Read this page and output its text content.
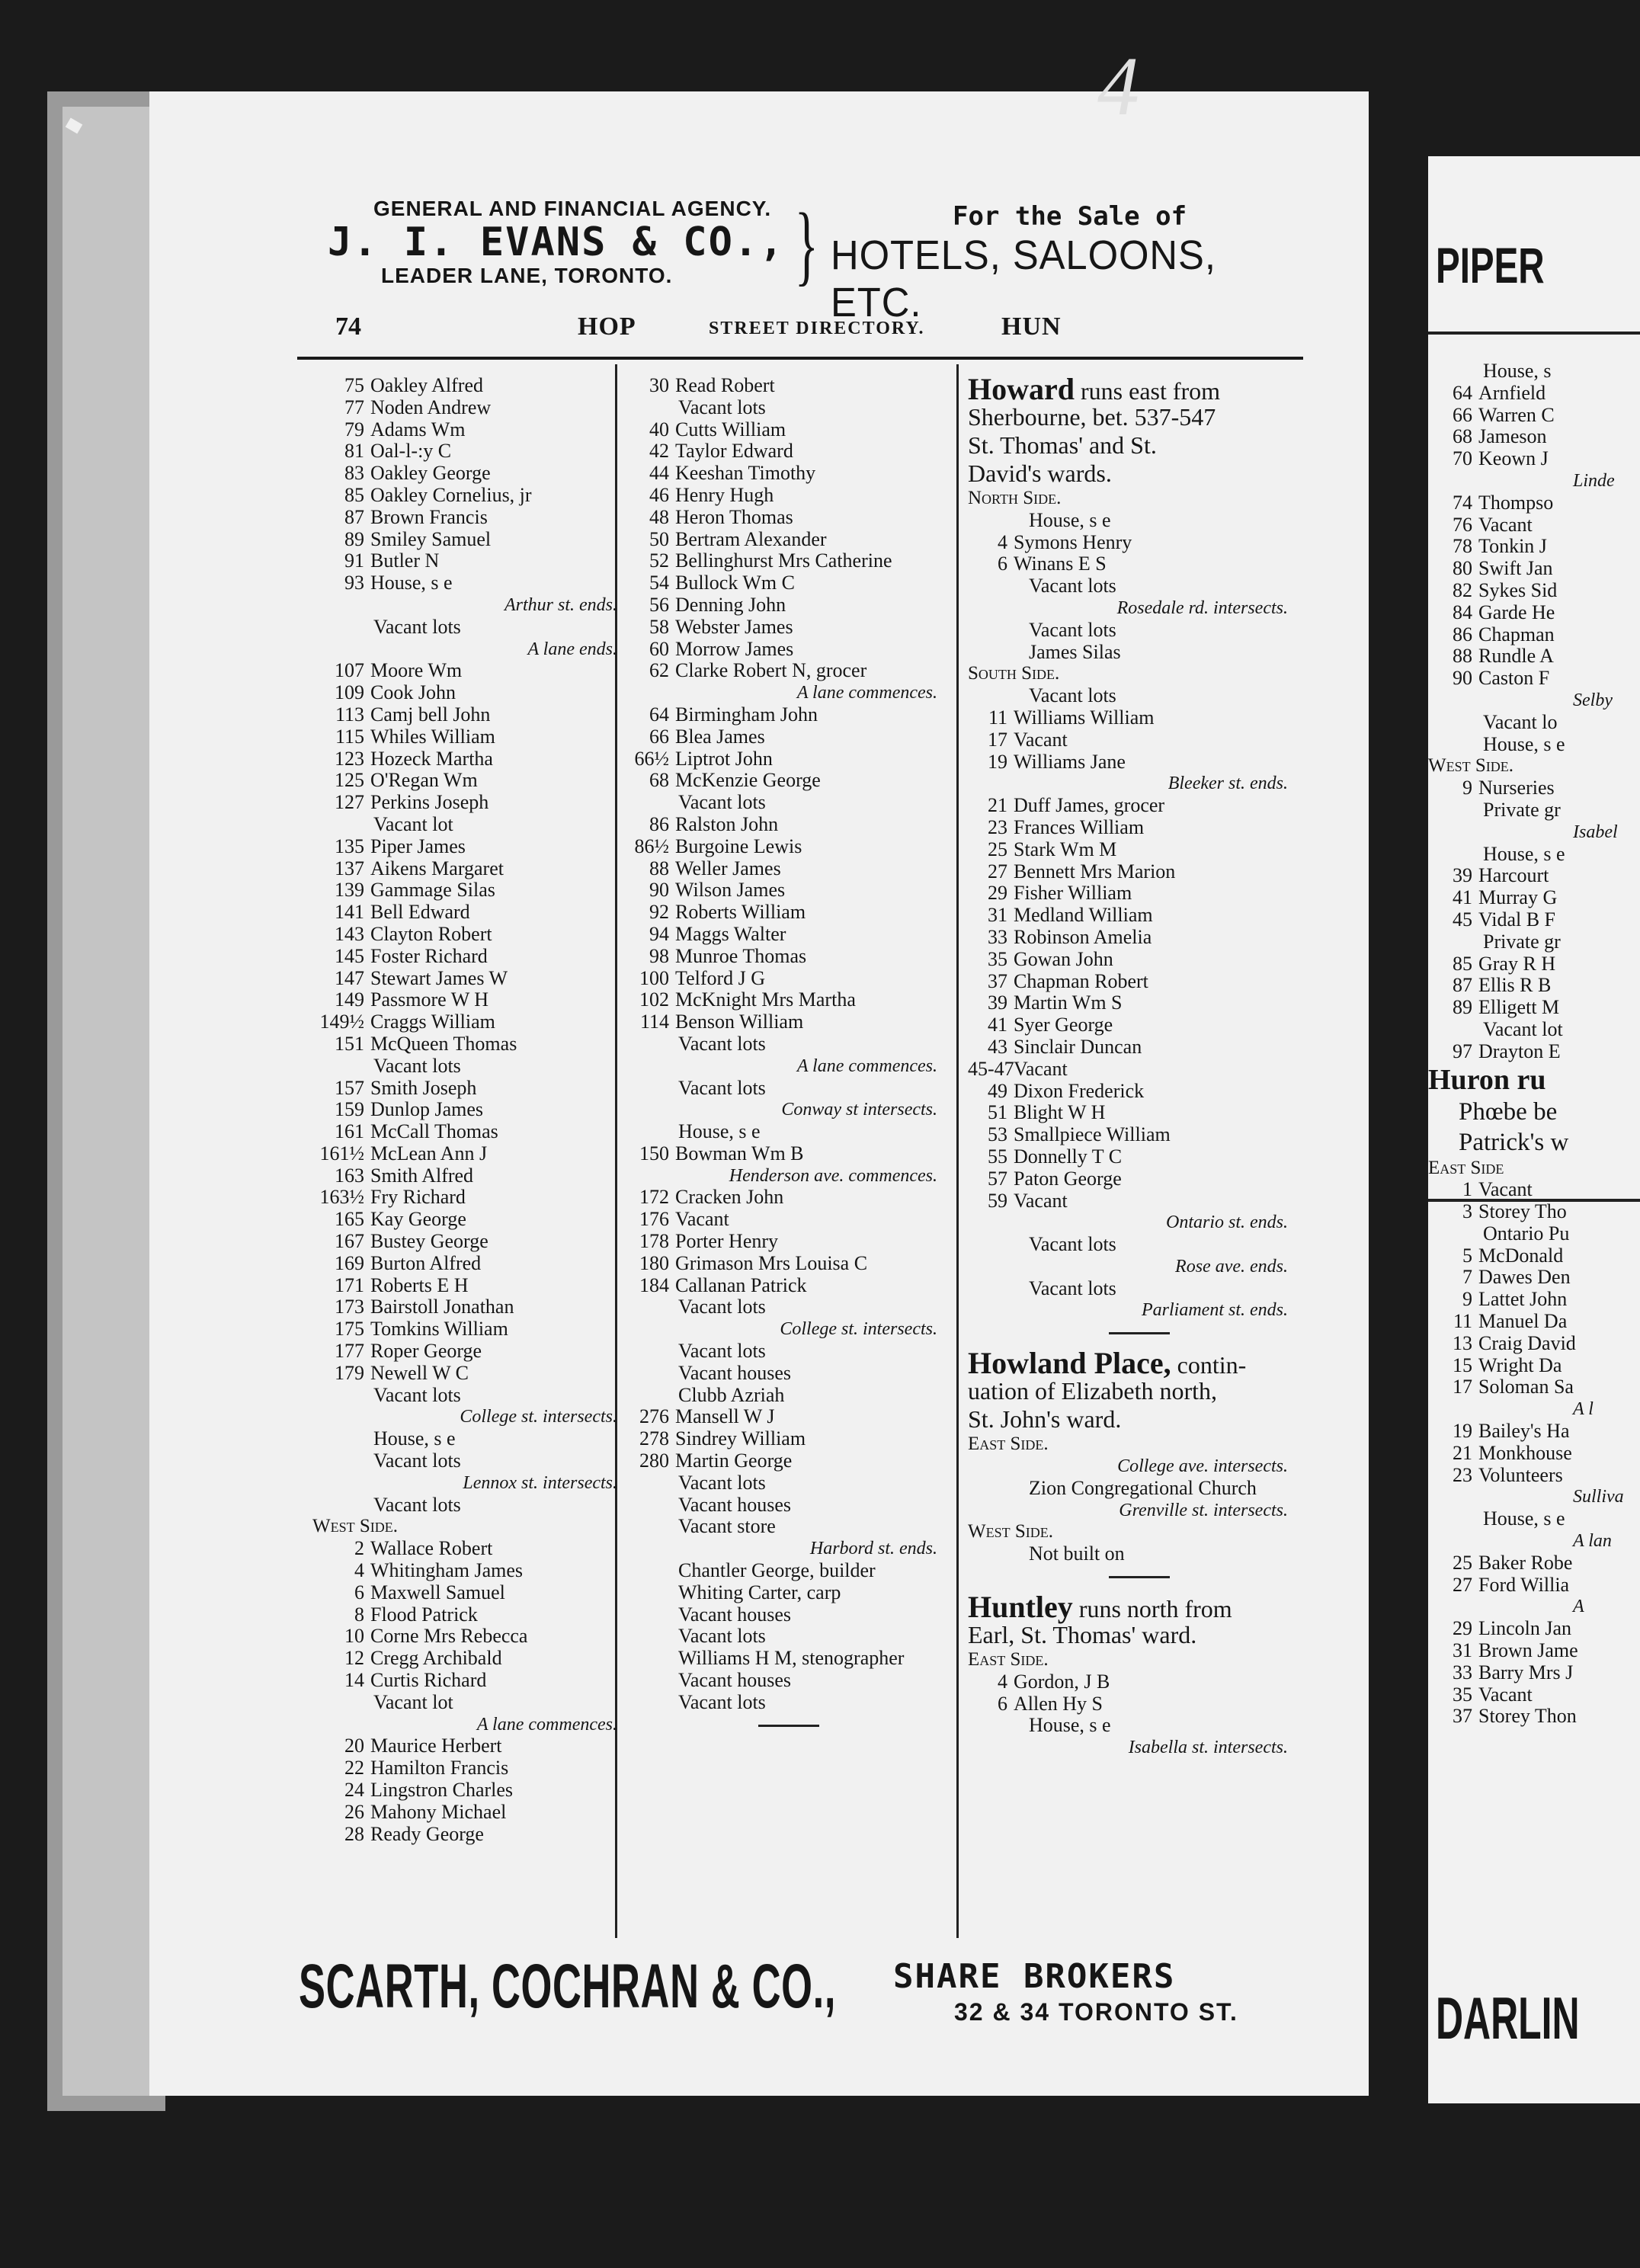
4
GENERAL AND FINANCIAL AGENCY.
J. I. EVANS & CO.,
LEADER LANE, TORONTO.	}	For the Sale of
HOTELS, SALOONS, ETC.
74	HOP	STREET DIRECTORY.	HUN
75 Oakley Alfred
77 Noden Andrew
79 Adams Wm
81 Oal-l-:y C
83 Oakley George
85 Oakley Cornelius, jr
87 Brown Francis
89 Smiley Samuel
91 Butler N
93 House, s e
Arthur st. ends.
Vacant lots
A lane ends.
107 Moore Wm
109 Cook John
113 Camj bell John
115 Whiles William
123 Hozeck Martha
125 O'Regan Wm
127 Perkins Joseph
Vacant lot
135 Piper James
137 Aikens Margaret
139 Gammage Silas
141 Bell Edward
143 Clayton Robert
145 Foster Richard
147 Stewart James W
149 Passmore W H
149½ Craggs William
151 McQueen Thomas
Vacant lots
157 Smith Joseph
159 Dunlop James
161 McCall Thomas
161½ McLean Ann J
163 Smith Alfred
163½ Fry Richard
165 Kay George
167 Bustey George
169 Burton Alfred
171 Roberts E H
173 Bairstoll Jonathan
175 Tomkins William
177 Roper George
179 Newell W C
Vacant lots
College st. intersects.
House, s e
Vacant lots
Lennox st. intersects.
Vacant lots
West Side.
2 Wallace Robert
4 Whitingham James
6 Maxwell Samuel
8 Flood Patrick
10 Corne Mrs Rebecca
12 Cregg Archibald
14 Curtis Richard
Vacant lot
A lane commences.
20 Maurice Herbert
22 Hamilton Francis
24 Lingstron Charles
26 Mahony Michael
28 Ready George
30 Read Robert
Vacant lots
40 Cutts William
42 Taylor Edward
44 Keeshan Timothy
46 Henry Hugh
48 Heron Thomas
50 Bertram Alexander
52 Bellinghurst Mrs Catherine
54 Bullock Wm C
56 Denning John
58 Webster James
60 Morrow James
62 Clarke Robert N, grocer
A lane commences.
64 Birmingham John
66 Blea James
66½ Liptrot John
68 McKenzie George
Vacant lots
86 Ralston John
86½ Burgoine Lewis
88 Weller James
90 Wilson James
92 Roberts William
94 Maggs Walter
98 Munroe Thomas
100 Telford J G
102 McKnight Mrs Martha
114 Benson William
Vacant lots
A lane commences.
Vacant lots
Conway st intersects.
House, s e
150 Bowman Wm B
Henderson ave. commences.
172 Cracken John
176 Vacant
178 Porter Henry
180 Grimason Mrs Louisa C
184 Callanan Patrick
Vacant lots
College st. intersects.
Vacant lots
Vacant houses
Clubb Azriah
276 Mansell W J
278 Sindrey William
280 Martin George
Vacant lots
Vacant houses
Vacant store
Harbord st. ends.
Chantler George, builder
Whiting Carter, carp
Vacant houses
Vacant lots
Williams H M, stenographer
Vacant houses
Vacant lots
Howard runs east from
Sherbourne, bet. 537-547
St. Thomas' and St.
David's wards.
North Side.
House, s e
4 Symons Henry
6 Winans E S
Vacant lots
Rosedale rd. intersects.
Vacant lots
James Silas
South Side.
Vacant lots
11 Williams William
17 Vacant
19 Williams Jane
Bleeker st. ends.
21 Duff James, grocer
23 Frances William
25 Stark Wm M
27 Bennett Mrs Marion
29 Fisher William
31 Medland William
33 Robinson Amelia
35 Gowan John
37 Chapman Robert
39 Martin Wm S
41 Syer George
43 Sinclair Duncan
45-47Vacant
49 Dixon Frederick
51 Blight W H
53 Smallpiece William
55 Donnelly T C
57 Paton George
59 Vacant
Ontario st. ends.
Vacant lots
Rose ave. ends.
Vacant lots
Parliament st. ends.
Howland Place, contin-
uation of Elizabeth north,
St. John's ward.
East Side.
College ave. intersects.
Zion Congregational Church
Grenville st. intersects.
West Side.
Not built on
Huntley runs north from
Earl, St. Thomas' ward.
East Side.
4 Gordon, J B
6 Allen Hy S
House, s e
Isabella st. intersects.
SCARTH, COCHRAN & CO., SHARE BROKERS
32 & 34 TORONTO ST.
PIPER
House, s
64 Arnfield
66 Warren C
68 Jameson
70 Keown J
Linde
74 Thompso
76 Vacant
78 Tonkin J
80 Swift Jan
82 Sykes Sid
84 Garde He
86 Chapman
88 Rundle A
90 Caston F
Selby
Vacant lo
House, s e
West Side.
9 Nurseries
Private gr
Isabel
House, s e
39 Harcourt
41 Murray G
45 Vidal B F
Private gr
85 Gray R H
87 Ellis R B
89 Elligett M
Vacant lot
97 Drayton E
Huron ru
Phœbe be
Patrick's w
East Side
1 Vacant
3 Storey Tho
Ontario Pu
5 McDonald
7 Dawes Den
9 Lattet John
11 Manuel Da
13 Craig David
15 Wright Da
17 Soloman Sa
A l
19 Bailey's Ha
21 Monkhouse
23 Volunteers
Sulliva
House, s e
A lan
25 Baker Robe
27 Ford Willia
A
29 Lincoln Jan
31 Brown Jame
33 Barry Mrs J
35 Vacant
37 Storey Thon
DARLIN
